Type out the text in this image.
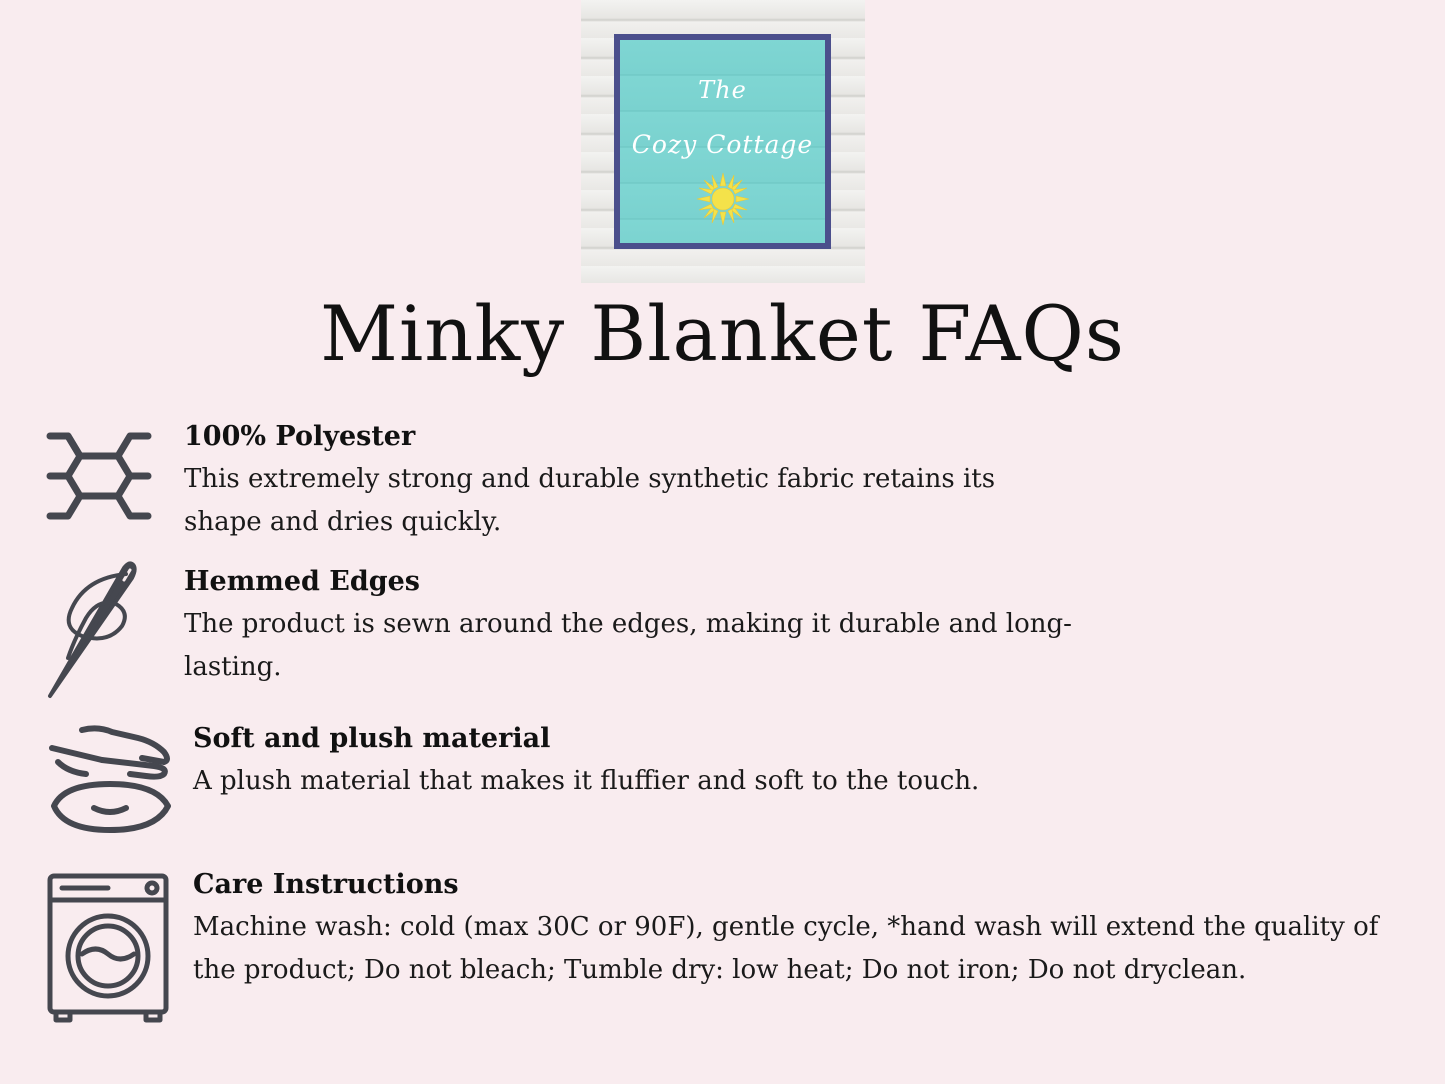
The
Cozy Cottage
Minky Blanket FAQs
100% Polyester
This extremely strong and durable synthetic fabric retains its shape and dries quickly.
Hemmed Edges
The product is sewn around the edges, making it durable and long-lasting.
Soft and plush material
A plush material that makes it fluffier and soft to the touch.
Care Instructions
Machine wash: cold (max 30C or 90F), gentle cycle, *hand wash will extend the quality of the product; Do not bleach; Tumble dry: low heat; Do not iron; Do not dryclean.
